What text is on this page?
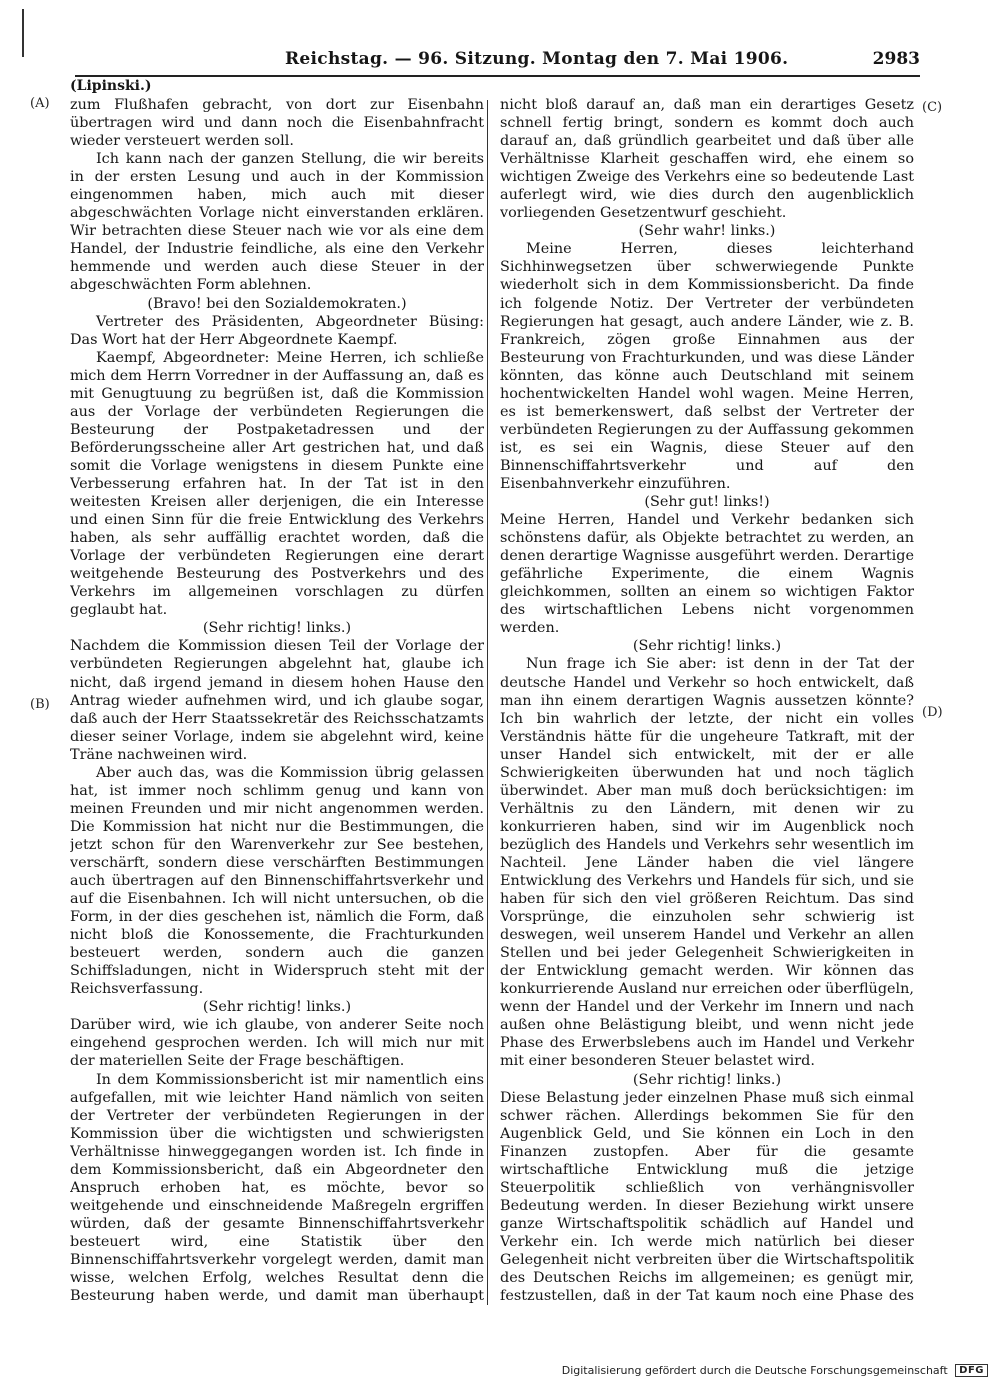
Reichstag. — 96. Sitzung. Montag den 7. Mai 1906.	2983
(Lipinski.)
(A)
(B)
(C)
(D)

zum Flußhafen gebracht, von dort zur Eisenbahn übertragen wird und dann noch die Eisenbahnfracht wieder versteuert werden soll.

Ich kann nach der ganzen Stellung, die wir bereits in der ersten Lesung und auch in der Kommission eingenommen haben, mich auch mit dieser abgeschwächten Vorlage nicht einverstanden erklären. Wir betrachten diese Steuer nach wie vor als eine dem Handel, der Industrie feindliche, als eine den Verkehr hemmende und werden auch diese Steuer in der abgeschwächten Form ablehnen.

(Bravo! bei den Sozialdemokraten.)

Vertreter des Präsidenten, Abgeordneter Büsing: Das Wort hat der Herr Abgeordnete Kaempf.

Kaempf, Abgeordneter: Meine Herren, ich schließe mich dem Herrn Vorredner in der Auffassung an, daß es mit Genugtuung zu begrüßen ist, daß die Kommission aus der Vorlage der verbündeten Regierungen die Besteurung der Postpaketadressen und der Beförderungsscheine aller Art gestrichen hat, und daß somit die Vorlage wenigstens in diesem Punkte eine Verbesserung erfahren hat. In der Tat ist in den weitesten Kreisen aller derjenigen, die ein Interesse und einen Sinn für die freie Entwicklung des Verkehrs haben, als sehr auffällig erachtet worden, daß die Vorlage der verbündeten Regierungen eine derart weitgehende Besteurung des Postverkehrs und des Verkehrs im allgemeinen vorschlagen zu dürfen geglaubt hat.

(Sehr richtig! links.)

Nachdem die Kommission diesen Teil der Vorlage der verbündeten Regierungen abgelehnt hat, glaube ich nicht, daß irgend jemand in diesem hohen Hause den Antrag wieder aufnehmen wird, und ich glaube sogar, daß auch der Herr Staatssekretär des Reichsschatzamts dieser seiner Vorlage, indem sie abgelehnt wird, keine Träne nachweinen wird.

Aber auch das, was die Kommission übrig gelassen hat, ist immer noch schlimm genug und kann von meinen Freunden und mir nicht angenommen werden. Die Kommission hat nicht nur die Bestimmungen, die jetzt schon für den Warenverkehr zur See bestehen, verschärft, sondern diese verschärften Bestimmungen auch übertragen auf den Binnenschiffahrtsverkehr und auf die Eisenbahnen. Ich will nicht untersuchen, ob die Form, in der dies geschehen ist, nämlich die Form, daß nicht bloß die Konossemente, die Frachturkunden besteuert werden, sondern auch die ganzen Schiffsladungen, nicht in Widerspruch steht mit der Reichsverfassung.

(Sehr richtig! links.)

Darüber wird, wie ich glaube, von anderer Seite noch eingehend gesprochen werden. Ich will mich nur mit der materiellen Seite der Frage beschäftigen.

In dem Kommissionsbericht ist mir namentlich eins aufgefallen, mit wie leichter Hand nämlich von seiten der Vertreter der verbündeten Regierungen in der Kommission über die wichtigsten und schwierigsten Verhältnisse hinweggegangen worden ist. Ich finde in dem Kommissionsbericht, daß ein Abgeordneter den Anspruch erhoben hat, es möchte, bevor so weitgehende und einschneidende Maßregeln ergriffen würden, daß der gesamte Binnenschiffahrtsverkehr besteuert wird, eine Statistik über den Binnenschiffahrtsverkehr vorgelegt werden, damit man wisse, welchen Erfolg, welches Resultat denn die Besteurung haben werde, und damit man überhaupt

nicht bloß darauf an, daß man ein derartiges Gesetz schnell fertig bringt, sondern es kommt doch auch darauf an, daß gründlich gearbeitet und daß über alle Verhältnisse Klarheit geschaffen wird, ehe einem so wichtigen Zweige des Verkehrs eine so bedeutende Last auferlegt wird, wie dies durch den augenblicklich vorliegenden Gesetzentwurf geschieht.

(Sehr wahr! links.)

Meine Herren, dieses leichterhand Sichhinwegsetzen über schwerwiegende Punkte wiederholt sich in dem Kommissionsbericht. Da finde ich folgende Notiz. Der Vertreter der verbündeten Regierungen hat gesagt, auch andere Länder, wie z. B. Frankreich, zögen große Einnahmen aus der Besteurung von Frachturkunden, und was diese Länder könnten, das könne auch Deutschland mit seinem hochentwickelten Handel wohl wagen. Meine Herren, es ist bemerkenswert, daß selbst der Vertreter der verbündeten Regierungen zu der Auffassung gekommen ist, es sei ein Wagnis, diese Steuer auf den Binnenschiffahrtsverkehr und auf den Eisenbahnverkehr einzuführen.

(Sehr gut! links!)

Meine Herren, Handel und Verkehr bedanken sich schönstens dafür, als Objekte betrachtet zu werden, an denen derartige Wagnisse ausgeführt werden. Derartige gefährliche Experimente, die einem Wagnis gleichkommen, sollten an einem so wichtigen Faktor des wirtschaftlichen Lebens nicht vorgenommen werden.

(Sehr richtig! links.)

Nun frage ich Sie aber: ist denn in der Tat der deutsche Handel und Verkehr so hoch entwickelt, daß man ihn einem derartigen Wagnis aussetzen könnte? Ich bin wahrlich der letzte, der nicht ein volles Verständnis hätte für die ungeheure Tatkraft, mit der unser Handel sich entwickelt, mit der er alle Schwierigkeiten überwunden hat und noch täglich überwindet. Aber man muß doch berücksichtigen: im Verhältnis zu den Ländern, mit denen wir zu konkurrieren haben, sind wir im Augenblick noch bezüglich des Handels und Verkehrs sehr wesentlich im Nachteil. Jene Länder haben die viel längere Entwicklung des Verkehrs und Handels für sich, und sie haben für sich den viel größeren Reichtum. Das sind Vorsprünge, die einzuholen sehr schwierig ist deswegen, weil unserem Handel und Verkehr an allen Stellen und bei jeder Gelegenheit Schwierigkeiten in der Entwicklung gemacht werden. Wir können das konkurrierende Ausland nur erreichen oder überflügeln, wenn der Handel und der Verkehr im Innern und nach außen ohne Belästigung bleibt, und wenn nicht jede Phase des Erwerbslebens auch im Handel und Verkehr mit einer besonderen Steuer belastet wird.

(Sehr richtig! links.)

Diese Belastung jeder einzelnen Phase muß sich einmal schwer rächen. Allerdings bekommen Sie für den Augenblick Geld, und Sie können ein Loch in den Finanzen zustopfen. Aber für die gesamte wirtschaftliche Entwicklung muß die jetzige Steuerpolitik schließlich von verhängnisvoller Bedeutung werden. In dieser Beziehung wirkt unsere ganze Wirtschaftspolitik schädlich auf Handel und Verkehr ein. Ich werde mich natürlich bei dieser Gelegenheit nicht verbreiten über die Wirtschaftspolitik des Deutschen Reichs im allgemeinen; es genügt mir, festzustellen, daß in der Tat kaum noch eine Phase des

Digitalisierung gefördert durch die Deutsche Forschungsgemeinschaft DFG
